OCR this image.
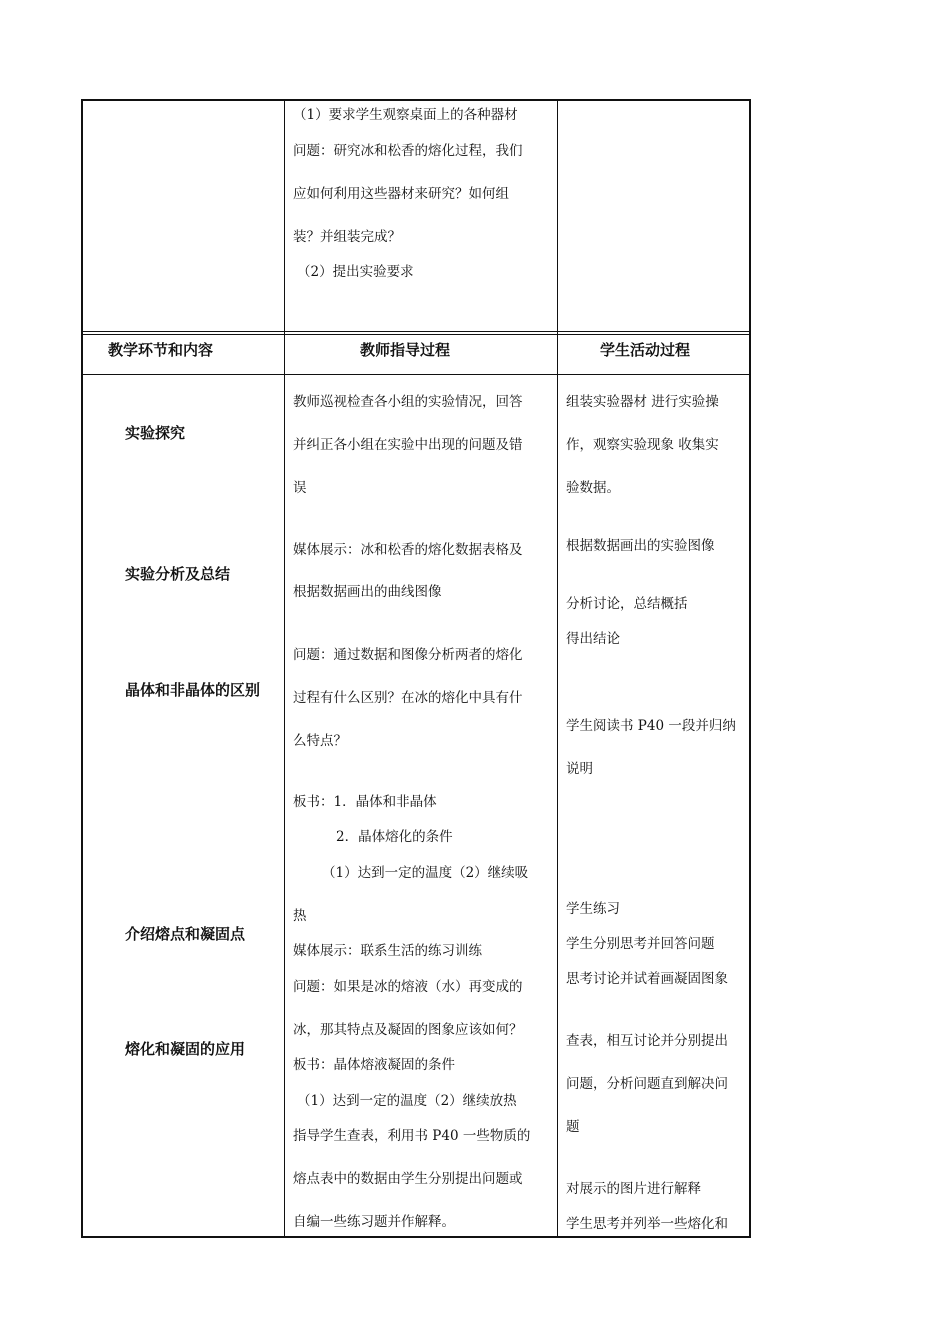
（1）要求学生观察桌面上的各种器材
问题：研究冰和松香的熔化过程，我们
应如何利用这些器材来研究？如何组
装？并组装完成？
（2）提出实验要求
教学环节和内容	教师指导过程	学生活动过程
实验探究
实验分析及总结
晶体和非晶体的区别
介绍熔点和凝固点
熔化和凝固的应用
教师巡视检查各小组的实验情况，回答
并纠正各小组在实验中出现的问题及错
误
媒体展示：冰和松香的熔化数据表格及
根据数据画出的曲线图像
问题：通过数据和图像分析两者的熔化
过程有什么区别？在冰的熔化中具有什
么特点？
板书：1．晶体和非晶体
2．晶体熔化的条件
（1）达到一定的温度（2）继续吸
热
媒体展示：联系生活的练习训练
问题：如果是冰的熔液（水）再变成的
冰，那其特点及凝固的图象应该如何？
板书：晶体熔液凝固的条件
（1）达到一定的温度（2）继续放热
指导学生查表，利用书 P40 一些物质的
熔点表中的数据由学生分别提出问题或
自编一些练习题并作解释。
组装实验器材 进行实验操
作，观察实验现象 收集实
验数据。
根据数据画出的实验图像
分析讨论，总结概括
得出结论
学生阅读书 P40 一段并归纳
说明
学生练习
学生分别思考并回答问题
思考讨论并试着画凝固图象
查表，相互讨论并分别提出
问题，分析问题直到解决问
题
对展示的图片进行解释
学生思考并列举一些熔化和
